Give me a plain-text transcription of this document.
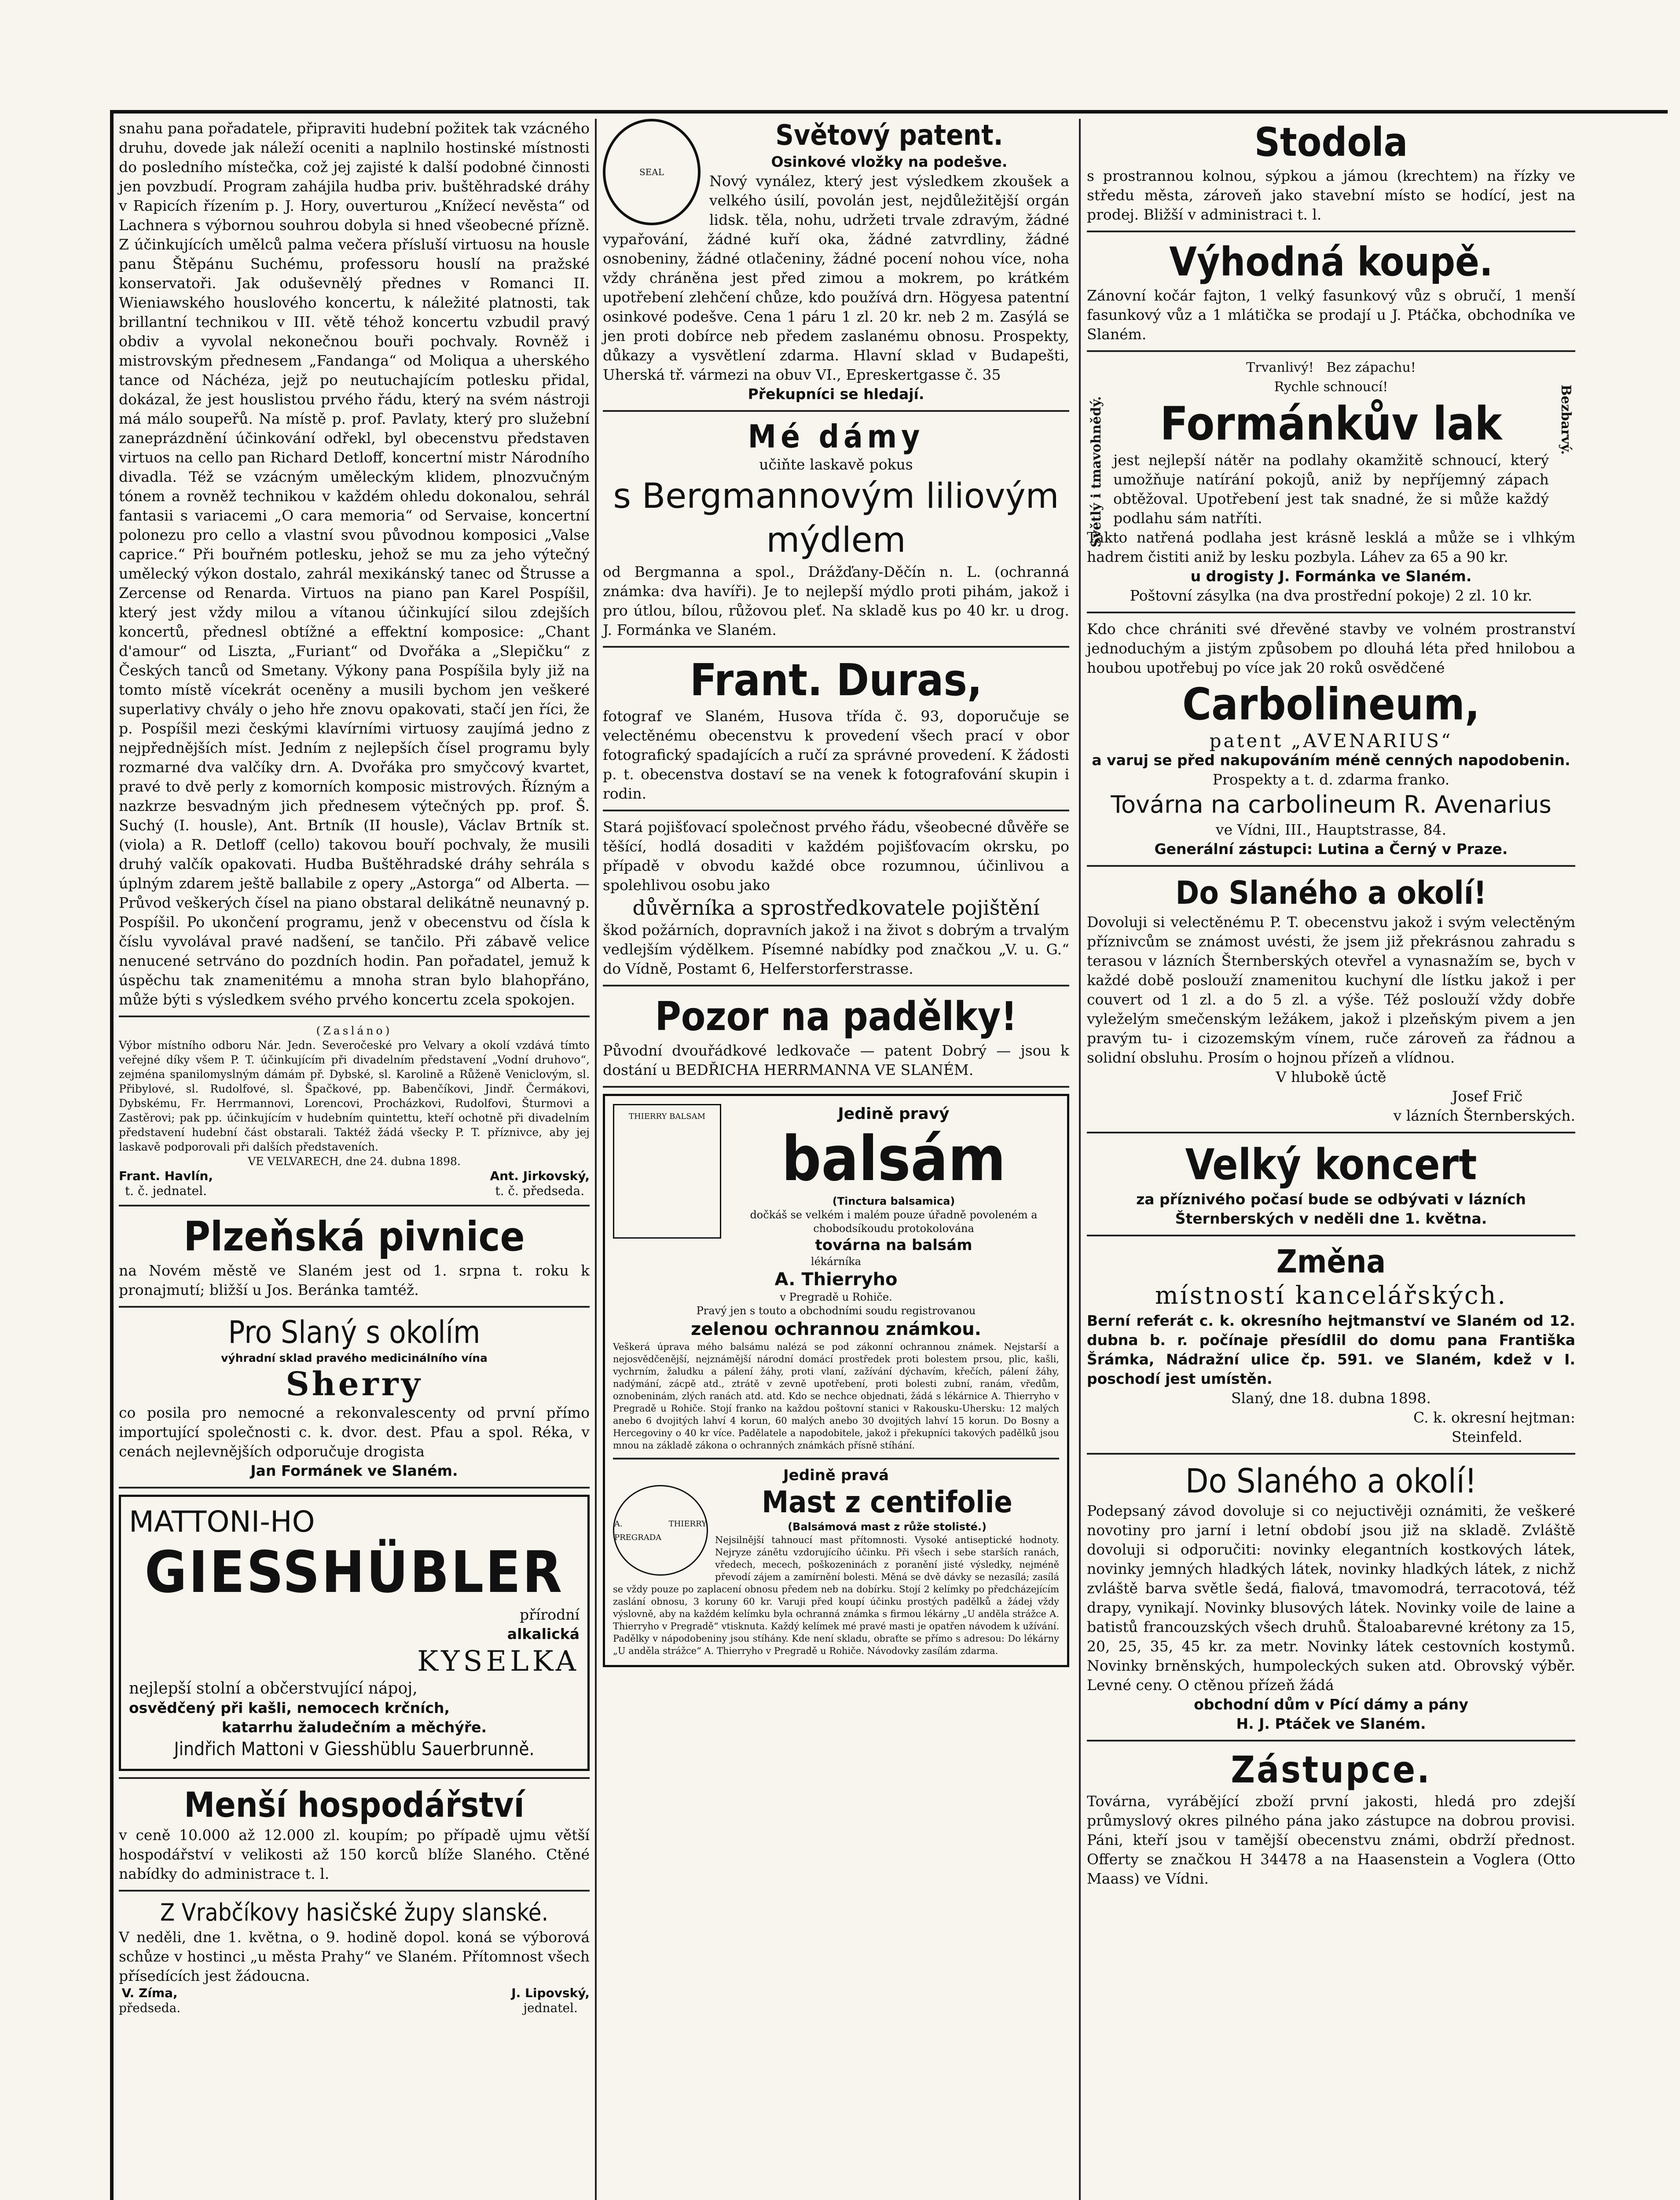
snahu pana pořadatele, připraviti hudební požitek tak vzácného druhu, dovede jak náleží oceniti a naplnilo hostinské místnosti do posledního místečka, což jej zajisté k další podobné činnosti jen povzbudí. Program zahájila hudba priv. buštěhradské dráhy v Rapicích řízením p. J. Hory, ouverturou „Knížecí nevěsta“ od Lachnera s výbornou souhrou dobyla si hned všeobecné přízně. Z účinkujících umělců palma večera přísluší virtuosu na housle panu Štěpánu Suchému, professoru houslí na pražské konservatoři. Jak oduševnělý přednes v Romanci II. Wieniawského houslového koncertu, k náležité platnosti, tak brillantní technikou v III. větě téhož koncertu vzbudil pravý obdiv a vyvolal nekonečnou bouři pochvaly. Rovněž i mistrovským přednesem „Fandanga“ od Moliqua a uherského tance od Náchéza, jejž po neutuchajícím potlesku přidal, dokázal, že jest houslistou prvého řádu, který na svém nástroji má málo soupeřů. Na místě p. prof. Pavlaty, který pro služební zaneprázdnění účinkování odřekl, byl obecenstvu představen virtuos na cello pan Richard Detloff, koncertní mistr Národního divadla. Též se vzácným uměleckým klidem, plnozvučným tónem a rovněž technikou v každém ohledu dokonalou, sehrál fantasii s variacemi „O cara memoria“ od Servaise, koncertní polonezu pro cello a vlastní svou původnou komposici „Valse caprice.“ Při bouřném potlesku, jehož se mu za jeho výtečný umělecký výkon dostalo, zahrál mexikánský tanec od Štrusse a Zercense od Renarda. Virtuos na piano pan Karel Pospíšil, který jest vždy milou a vítanou účinkující silou zdejších koncertů, přednesl obtížné a effektní komposice: „Chant d'amour“ od Liszta, „Furiant“ od Dvořáka a „Slepičku“ z Českých tanců od Smetany. Výkony pana Pospíšila byly již na tomto místě vícekrát oceněny a musili bychom jen veškeré superlativy chvály o jeho hře znovu opakovati, stačí jen říci, že p. Pospíšil mezi českými klavírními virtuosy zaujímá jedno z nejpřednějších míst. Jedním z nejlepších čísel programu byly rozmarné dva valčíky drn. A. Dvořáka pro smyčcový kvartet, pravé to dvě perly z komorních komposic mistrových. Řízným a nazkrze besvadným jich přednesem výtečných pp. prof. Š. Suchý (I. housle), Ant. Brtník (II housle), Václav Brtník st. (viola) a R. Detloff (cello) takovou bouří pochvaly, že musili druhý valčík opakovati. Hudba Buštěhradské dráhy sehrála s úplným zdarem ještě ballabile z opery „Astorga“ od Alberta. — Průvod veškerých čísel na piano obstaral delikátně neunavný p. Pospíšil. Po ukončení programu, jenž v obecenstvu od čísla k číslu vyvolával pravé nadšení, se tančilo. Při zábavě velice nenucené setrváno do pozdních hodin. Pan pořadatel, jemuž k úspěchu tak znamenitému a mnoha stran bylo blahopřáno, může býti s výsledkem svého prvého koncertu zcela spokojen.
(Zasláno)
Výbor místního odboru Nár. Jedn. Severočeské pro Velvary a okolí vzdává tímto veřejné díky všem P. T. účinkujícím při divadelním představení „Vodní druhovo“, zejména spanilomyslným dámám př. Dybské, sl. Karolině a Růženě Veniclovým, sl. Přibylové, sl. Rudolfové, sl. Špačkové, pp. Babenčíkovi, Jindř. Čermákovi, Dybskému, Fr. Herrmannovi, Lorencovi, Procházkovi, Rudolfovi, Šturmovi a Zastěrovi; pak pp. účinkujícím v hudebním quintettu, kteří ochotně při divadelním představení hudební část obstarali. Taktéž žádá všecky P. T. příznivce, aby jej laskavě podporovali při dalších představeních.
VE VELVARECH, dne 24. dubna 1898.
Frant. Havlín,
t. č. jednatel.
Ant. Jirkovský,
t. č. předseda.
Plzeňská pivnice
na Novém městě ve Slaném jest od 1. srpna t. roku k pronajmutí; bližší u Jos. Beránka tamtéž.
Pro Slaný s okolím
výhradní sklad pravého medicinálního vína
Sherry
co posila pro nemocné a rekonvalescenty od první přímo importující společnosti c. k. dvor. dest. Pfau a spol. Réka, v cenách nejlevnějších odporučuje drogista
Jan Formánek ve Slaném.
MATTONI-HO
GIESSHÜBLER
přírodní
alkalická
KYSELKA
nejlepší stolní a občerstvující nápoj,
osvědčený při kašli, nemocech krčních,
katarrhu žaludečním a měchýře.
Jindřich Mattoni v Giesshüblu Sauerbrunně.
Menší hospodářství
v ceně 10.000 až 12.000 zl. koupím; po případě ujmu větší hospodářství v velikosti až 150 korců blíže Slaného. Ctěné nabídky do administrace t. l.
Z Vrabčíkovy hasičské župy slanské.
V neděli, dne 1. května, o 9. hodině dopol. koná se výborová schůze v hostinci „u města Prahy“ ve Slaném. Přítomnost všech přísedících jest žádoucna.
V. Zíma,
předseda.
J. Lipovský,
jednatel.
SEAL
Světový patent.
Osinkové vložky na podešve.
Nový vynález, který jest výsledkem zkoušek a velkého úsilí, povolán jest, nejdůležitější orgán lidsk. těla, nohu, udržeti trvale zdravým, žádné vypařování, žádné kuří oka, žádné zatvrdliny, žádné osnobeniny, žádné otlačeniny, žádné pocení nohou více, noha vždy chráněna jest před zimou a mokrem, po krátkém upotřebení zlehčení chůze, kdo používá drn. Högyesa patentní osinkové podešve. Cena 1 páru 1 zl. 20 kr. neb 2 m. Zasýlá se jen proti dobírce neb předem zaslanému obnosu. Prospekty, důkazy a vysvětlení zdarma. Hlavní sklad v Budapešti, Uherská tř. vármezi na obuv VI., Epreskertgasse č. 35
Překupníci se hledají.
Mé dámy
učiňte laskavě pokus
s Bergmannovým liliovým mýdlem
od Bergmanna a spol., Drážďany-Děčín n. L. (ochranná známka: dva havíři). Je to nejlepší mýdlo proti pihám, jakož i pro útlou, bílou, růžovou pleť. Na skladě kus po 40 kr. u drog. J. Formánka ve Slaném.
Frant. Duras,
fotograf ve Slaném, Husova třída č. 93, doporučuje se velectěnému obecenstvu k provedení všech prací v obor fotografický spadajících a ručí za správné provedení. K žádosti p. t. obecenstva dostaví se na venek k fotografování skupin i rodin.
Stará pojišťovací společnost prvého řádu, všeobecné důvěře se těšící, hodlá dosaditi v každém pojišťovacím okrsku, po případě v obvodu každé obce rozumnou, účinlivou a spolehlivou osobu jako
důvěrníka a sprostředkovatele pojištění
škod požárních, dopravních jakož i na život s dobrým a trvalým vedlejším výdělkem. Písemné nabídky pod značkou „V. u. G.“ do Vídně, Postamt 6, Helferstorferstrasse.
Pozor na padělky!
Původní dvouřádkové ledkovače — patent Dobrý — jsou k dostání u BEDŘICHA HERRMANNA VE SLANÉM.
THIERRY BALSAM	Jedině pravý
balsám
(Tinctura balsamica)
dočkáš se velkém i malém pouze úřadně povoleném a chobodsíkoudu protokolována
továrna na balsám
lékárníka
A. Thierryho
v Pregradě u Rohiče.
Pravý jen s touto a obchodními soudu registrovanou
zelenou ochrannou známkou.
Veškerá úprava mého balsámu nalézá se pod zákonní ochrannou známek. Nejstarší a nejosvědčenější, nejznámější národní domácí prostředek proti bolestem prsou, plic, kašli, vychrním, žaludku a pálení žáhy, proti vlaní, zažívání dýchavím, křečích, pálení žáhy, nadýmání, zácpě atd., ztrátě v zevně upotřebení, proti bolesti zubní, ranám, vředům, oznobeninám, zlých ranách atd. atd. Kdo se nechce objednati, žádá s lékárnice A. Thierryho v Pregradě u Rohiče. Stojí franko na každou poštovní stanici v Rakousku-Uhersku: 12 malých anebo 6 dvojitých lahví 4 korun, 60 malých anebo 30 dvojitých lahví 15 korun. Do Bosny a Hercegoviny o 40 kr více. Padělatele a napodobitele, jakož i překupníci takových padělků jsou mnou na základě zákona o ochranných známkách přísně stíhání.
Jedině pravá
A. THIERRY PREGRADA
Mast z centifolie
(Balsámová mast z růže stolisté.)
Nejsilnější tahnoucí mast přítomnosti. Vysoké antiseptické hodnoty. Nejryze zánětu vzdorujícího účinku. Při všech i sebe starších ranách, vředech, mecech, poškozeninách z poranění jisté výsledky, nejméně převodí zájem a zamírnění bolesti. Měná se dvě dávky se nezasílá; zasílá se vždy pouze po zaplacení obnosu předem neb na dobírku. Stojí 2 kelímky po předcházejícím zaslání obnosu, 3 koruny 60 kr. Varuji před koupí účinku prostých padělků a žádej vždy výslovně, aby na každém kelímku byla ochranná známka s firmou lékárny „U anděla strážce A. Thierryho v Pregradě“ vtisknuta. Každý kelímek mé pravé masti je opatřen návodem k užívání. Padělky v nápodobeniny jsou stíhány. Kde není skladu, obraťte se přímo s adresou: Do lékárny „U anděla strážce“ A. Thierryho v Pregradě u Rohiče. Návodovky zasílám zdarma.
Stodola
s prostrannou kolnou, sýpkou a jámou (krechtem) na řízky ve středu města, zároveň jako stavební místo se hodící, jest na prodej. Bližší v administraci t. l.
Výhodná koupě.
Zánovní kočár fajton, 1 velký fasunkový vůz s obručí, 1 menší fasunkový vůz a 1 mlátička se prodají u J. Ptáčka, obchodníka ve Slaném.
Světlý i tmavohnědý.	Bezbarvý.
Trvanlivý! Bez zápachu!
Rychle schnoucí!
Formánkův lak
jest nejlepší nátěr na podlahy okamžitě schnoucí, který umožňuje natírání pokojů, aniž by nepříjemný zápach obtěžoval. Upotřebení jest tak snadné, že si může každý podlahu sám natříti.
Takto natřená podlaha jest krásně lesklá a může se i vlhkým hadrem čistiti aniž by lesku pozbyla. Láhev za 65 a 90 kr.
u drogisty J. Formánka ve Slaném.
Poštovní zásylka (na dva prostřední pokoje) 2 zl. 10 kr.
Kdo chce chrániti své dřevěné stavby ve volném prostranství jednoduchým a jistým způsobem po dlouhá léta před hnilobou a houbou upotřebuj po více jak 20 roků osvědčené
Carbolineum,
patent „AVENARIUS“
a varuj se před nakupováním méně cenných napodobenin.
Prospekty a t. d. zdarma franko.
Továrna na carbolineum R. Avenarius
ve Vídni, III., Hauptstrasse, 84.
Generální zástupci: Lutina a Černý v Praze.
Do Slaného a okolí!
Dovoluji si velectěnému P. T. obecenstvu jakož i svým velectěným příznivcům se známost uvésti, že jsem již překrásnou zahradu s terasou v lázních Šternberských otevřel a vynasnažím se, bych v každé době poslouží znamenitou kuchyní dle lístku jakož i per couvert od 1 zl. a do 5 zl. a výše. Též poslouží vždy dobře vyleželým smečenským ležákem, jakož i plzeňským pivem a jen pravým tu- i cizozemským vínem, ruče zároveň za řádnou a solidní obsluhu. Prosím o hojnou přízeň a vlídnou.
V hlubokě úctě
Josef Frič
v lázních Šternberských.
Velký koncert
za příznivého počasí bude se odbývati v lázních Šternberských v neděli dne 1. května.
Změna
místností kancelářských.
Berní referát c. k. okresního hejtmanství ve Slaném od 12. dubna b. r. počínaje přesídlil do domu pana Františka Šrámka, Nádražní ulice čp. 591. ve Slaném, kdež v I. poschodí jest umístěn.
Slaný, dne 18. dubna 1898.
C. k. okresní hejtman:
Steinfeld.
Do Slaného a okolí!
Podepsaný závod dovoluje si co nejuctivěji oznámiti, že veškeré novotiny pro jarní i letní období jsou již na skladě. Zvláště dovoluji si odporučiti: novinky elegantních kostkových látek, novinky jemných hladkých látek, novinky hladkých látek, z nichž zvláště barva světle šedá, fialová, tmavomodrá, terracotová, též drapy, vynikají. Novinky blusových látek. Novinky voile de laine a batistů francouzských všech druhů. Štaloabarevné krétony za 15, 20, 25, 35, 45 kr. za metr. Novinky látek cestovních kostymů. Novinky brněnských, humpoleckých suken atd. Obrovský výběr. Levné ceny. O ctěnou přízeň žádá
obchodní dům v Pící dámy a pány
H. J. Ptáček ve Slaném.
Zástupce.
Továrna, vyrábějící zboží první jakosti, hledá pro zdejší průmyslový okres pilného pána jako zástupce na dobrou provisi. Páni, kteří jsou v tamější obecenstvu známi, obdrží přednost. Offerty se značkou H 34478 a na Haasenstein a Voglera (Otto Maass) ve Vídni.
